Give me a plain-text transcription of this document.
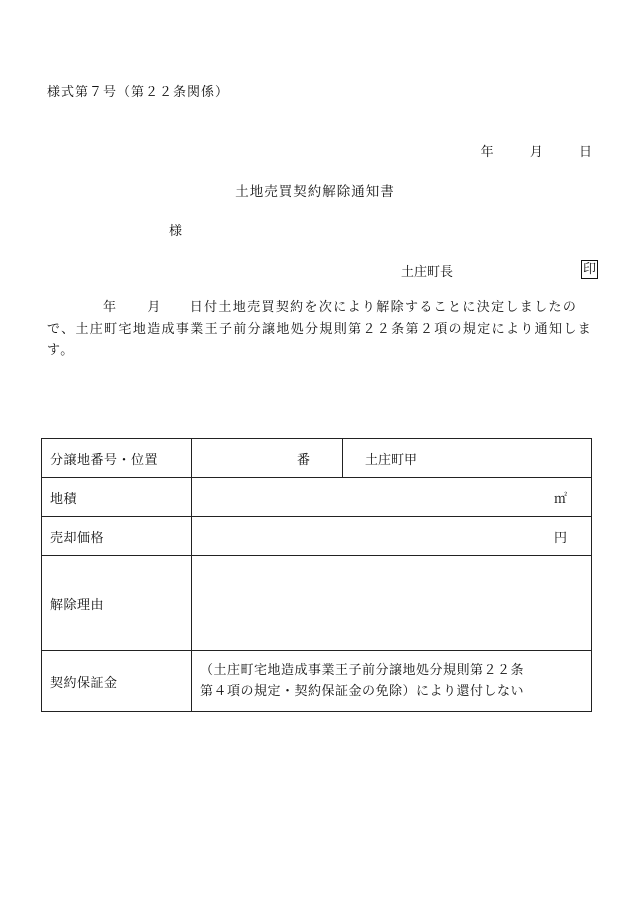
様式第７号（第２２条関係）
年	月	日
土地売買契約解除通知書
様
土庄町長	印
年 月 日付土地売買契約を次により解除することに決定しましたので、土庄町宅地造成事業王子前分譲地処分規則第２２条第２項の規定により通知します。
分譲地番号・位置	番	土庄町甲
地積	㎡	
売却価格	円	
解除理由		
契約保証金	（土庄町宅地造成事業王子前分譲地処分規則第２２条
第４項の規定・契約保証金の免除）により還付しない	
